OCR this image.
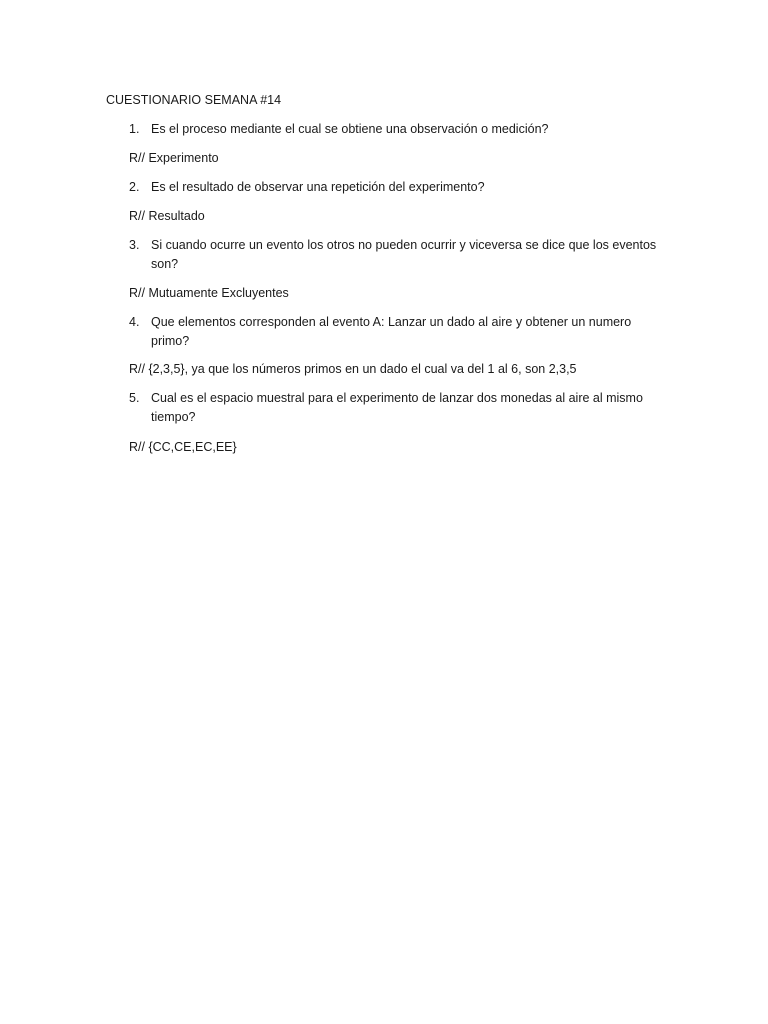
CUESTIONARIO SEMANA #14
1. Es el proceso mediante el cual se obtiene una observación o medición?
R// Experimento
2. Es el resultado de observar una repetición del experimento?
R// Resultado
3. Si cuando ocurre un evento los otros no pueden ocurrir y viceversa se dice que los eventos son?
R// Mutuamente Excluyentes
4. Que elementos corresponden al evento A: Lanzar un dado al aire y obtener un numero primo?
R// {2,3,5}, ya que los números primos en un dado el cual va del 1 al 6, son 2,3,5
5. Cual es el espacio muestral para el experimento de lanzar dos monedas al aire al mismo tiempo?
R// {CC,CE,EC,EE}
